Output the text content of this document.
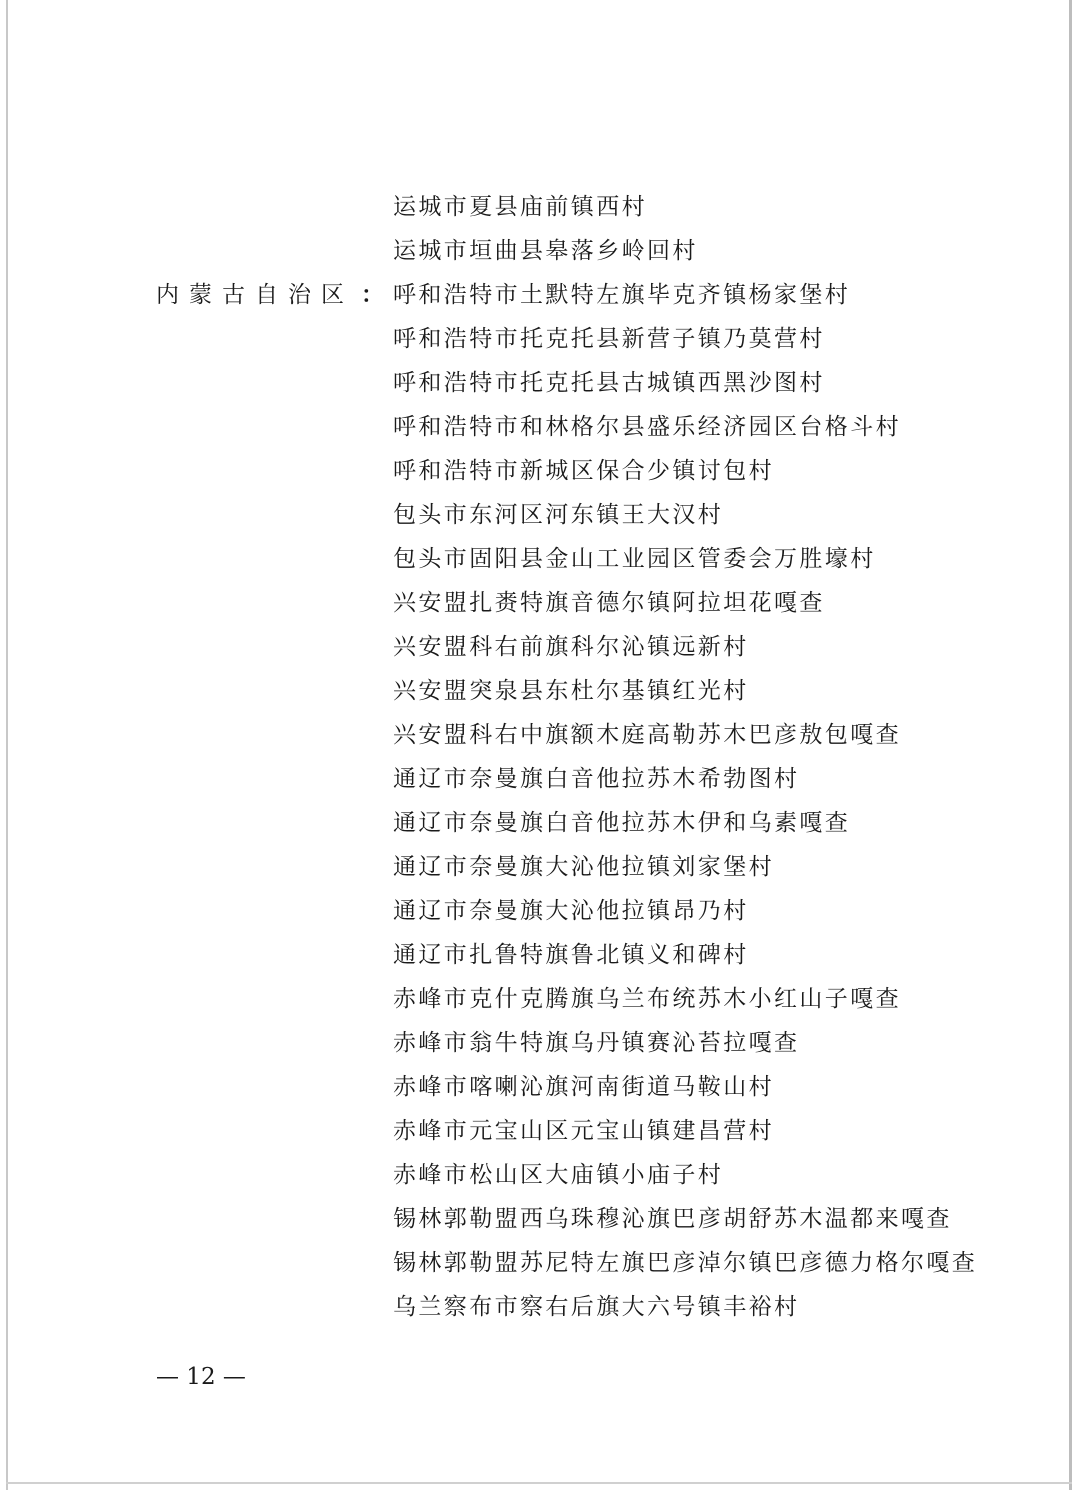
内蒙古自治区 ：
运城市夏县庙前镇西村
运城市垣曲县皋落乡岭回村
呼和浩特市土默特左旗毕克齐镇杨家堡村
呼和浩特市托克托县新营子镇乃莫营村
呼和浩特市托克托县古城镇西黑沙图村
呼和浩特市和林格尔县盛乐经济园区台格斗村
呼和浩特市新城区保合少镇讨包村
包头市东河区河东镇王大汉村
包头市固阳县金山工业园区管委会万胜壕村
兴安盟扎赉特旗音德尔镇阿拉坦花嘎查
兴安盟科右前旗科尔沁镇远新村
兴安盟突泉县东杜尔基镇红光村
兴安盟科右中旗额木庭高勒苏木巴彦敖包嘎查
通辽市奈曼旗白音他拉苏木希勃图村
通辽市奈曼旗白音他拉苏木伊和乌素嘎查
通辽市奈曼旗大沁他拉镇刘家堡村
通辽市奈曼旗大沁他拉镇昂乃村
通辽市扎鲁特旗鲁北镇义和碑村
赤峰市克什克腾旗乌兰布统苏木小红山子嘎查
赤峰市翁牛特旗乌丹镇赛沁苔拉嘎查
赤峰市喀喇沁旗河南街道马鞍山村
赤峰市元宝山区元宝山镇建昌营村
赤峰市松山区大庙镇小庙子村
锡林郭勒盟西乌珠穆沁旗巴彦胡舒苏木温都来嘎查
锡林郭勒盟苏尼特左旗巴彦淖尔镇巴彦德力格尔嘎查
乌兰察布市察右后旗大六号镇丰裕村
— 12 —
